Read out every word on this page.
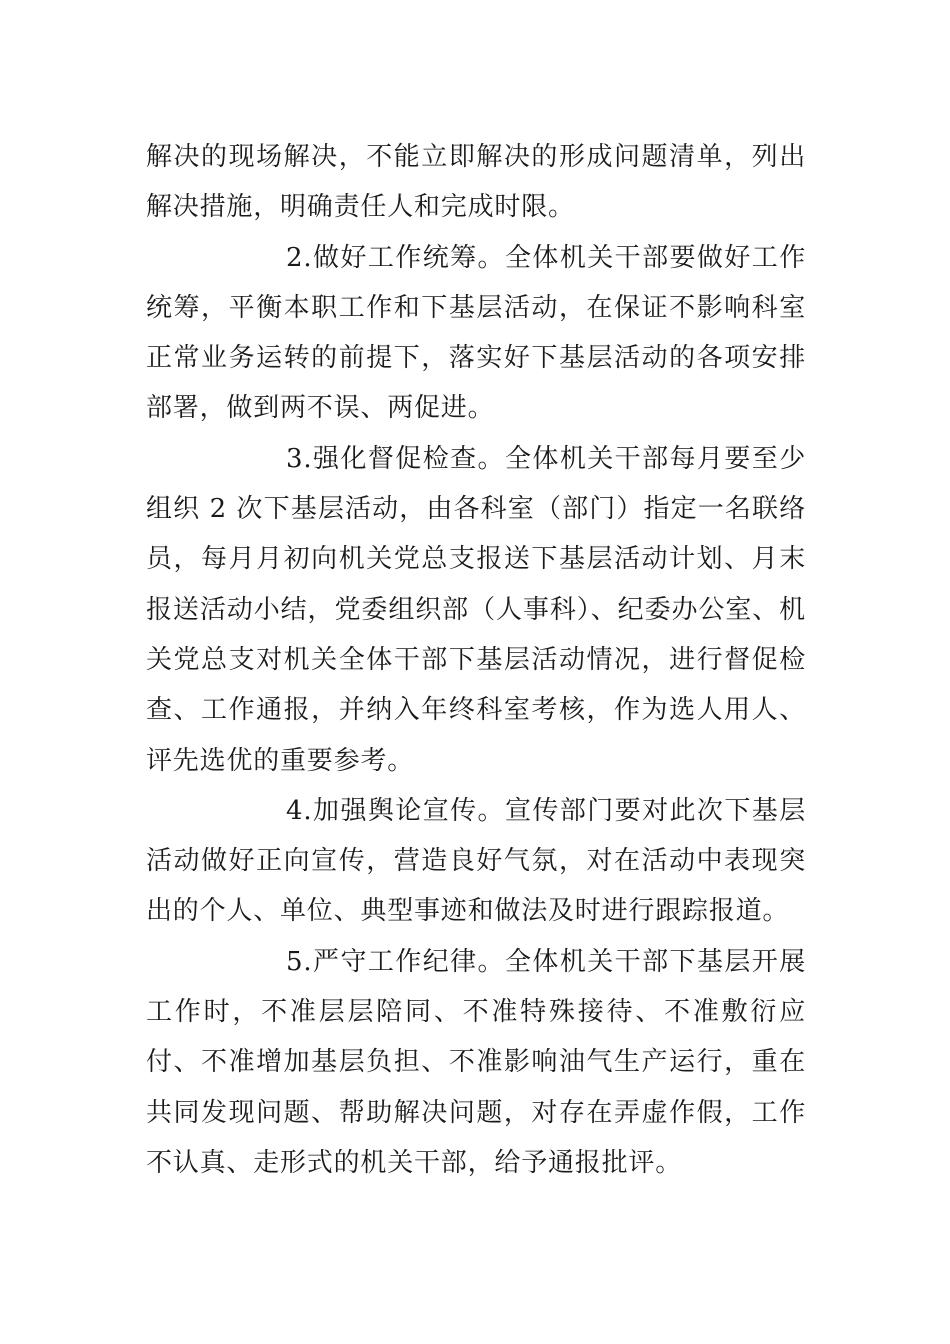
解决的现场解决，不能立即解决的形成问题清单，列出解决措施，明确责任人和完成时限。

2.做好工作统筹。全体机关干部要做好工作统筹，平衡本职工作和下基层活动，在保证不影响科室正常业务运转的前提下，落实好下基层活动的各项安排部署，做到两不误、两促进。

3.强化督促检查。全体机关干部每月要至少组织 2 次下基层活动，由各科室（部门）指定一名联络员，每月月初向机关党总支报送下基层活动计划、月末报送活动小结，党委组织部（人事科）、纪委办公室、机关党总支对机关全体干部下基层活动情况，进行督促检查、工作通报，并纳入年终科室考核，作为选人用人、评先选优的重要参考。

4.加强舆论宣传。宣传部门要对此次下基层活动做好正向宣传，营造良好气氛，对在活动中表现突出的个人、单位、典型事迹和做法及时进行跟踪报道。

5.严守工作纪律。全体机关干部下基层开展工作时，不准层层陪同、不准特殊接待、不准敷衍应付、不准增加基层负担、不准影响油气生产运行，重在共同发现问题、帮助解决问题，对存在弄虚作假，工作不认真、走形式的机关干部，给予通报批评。
